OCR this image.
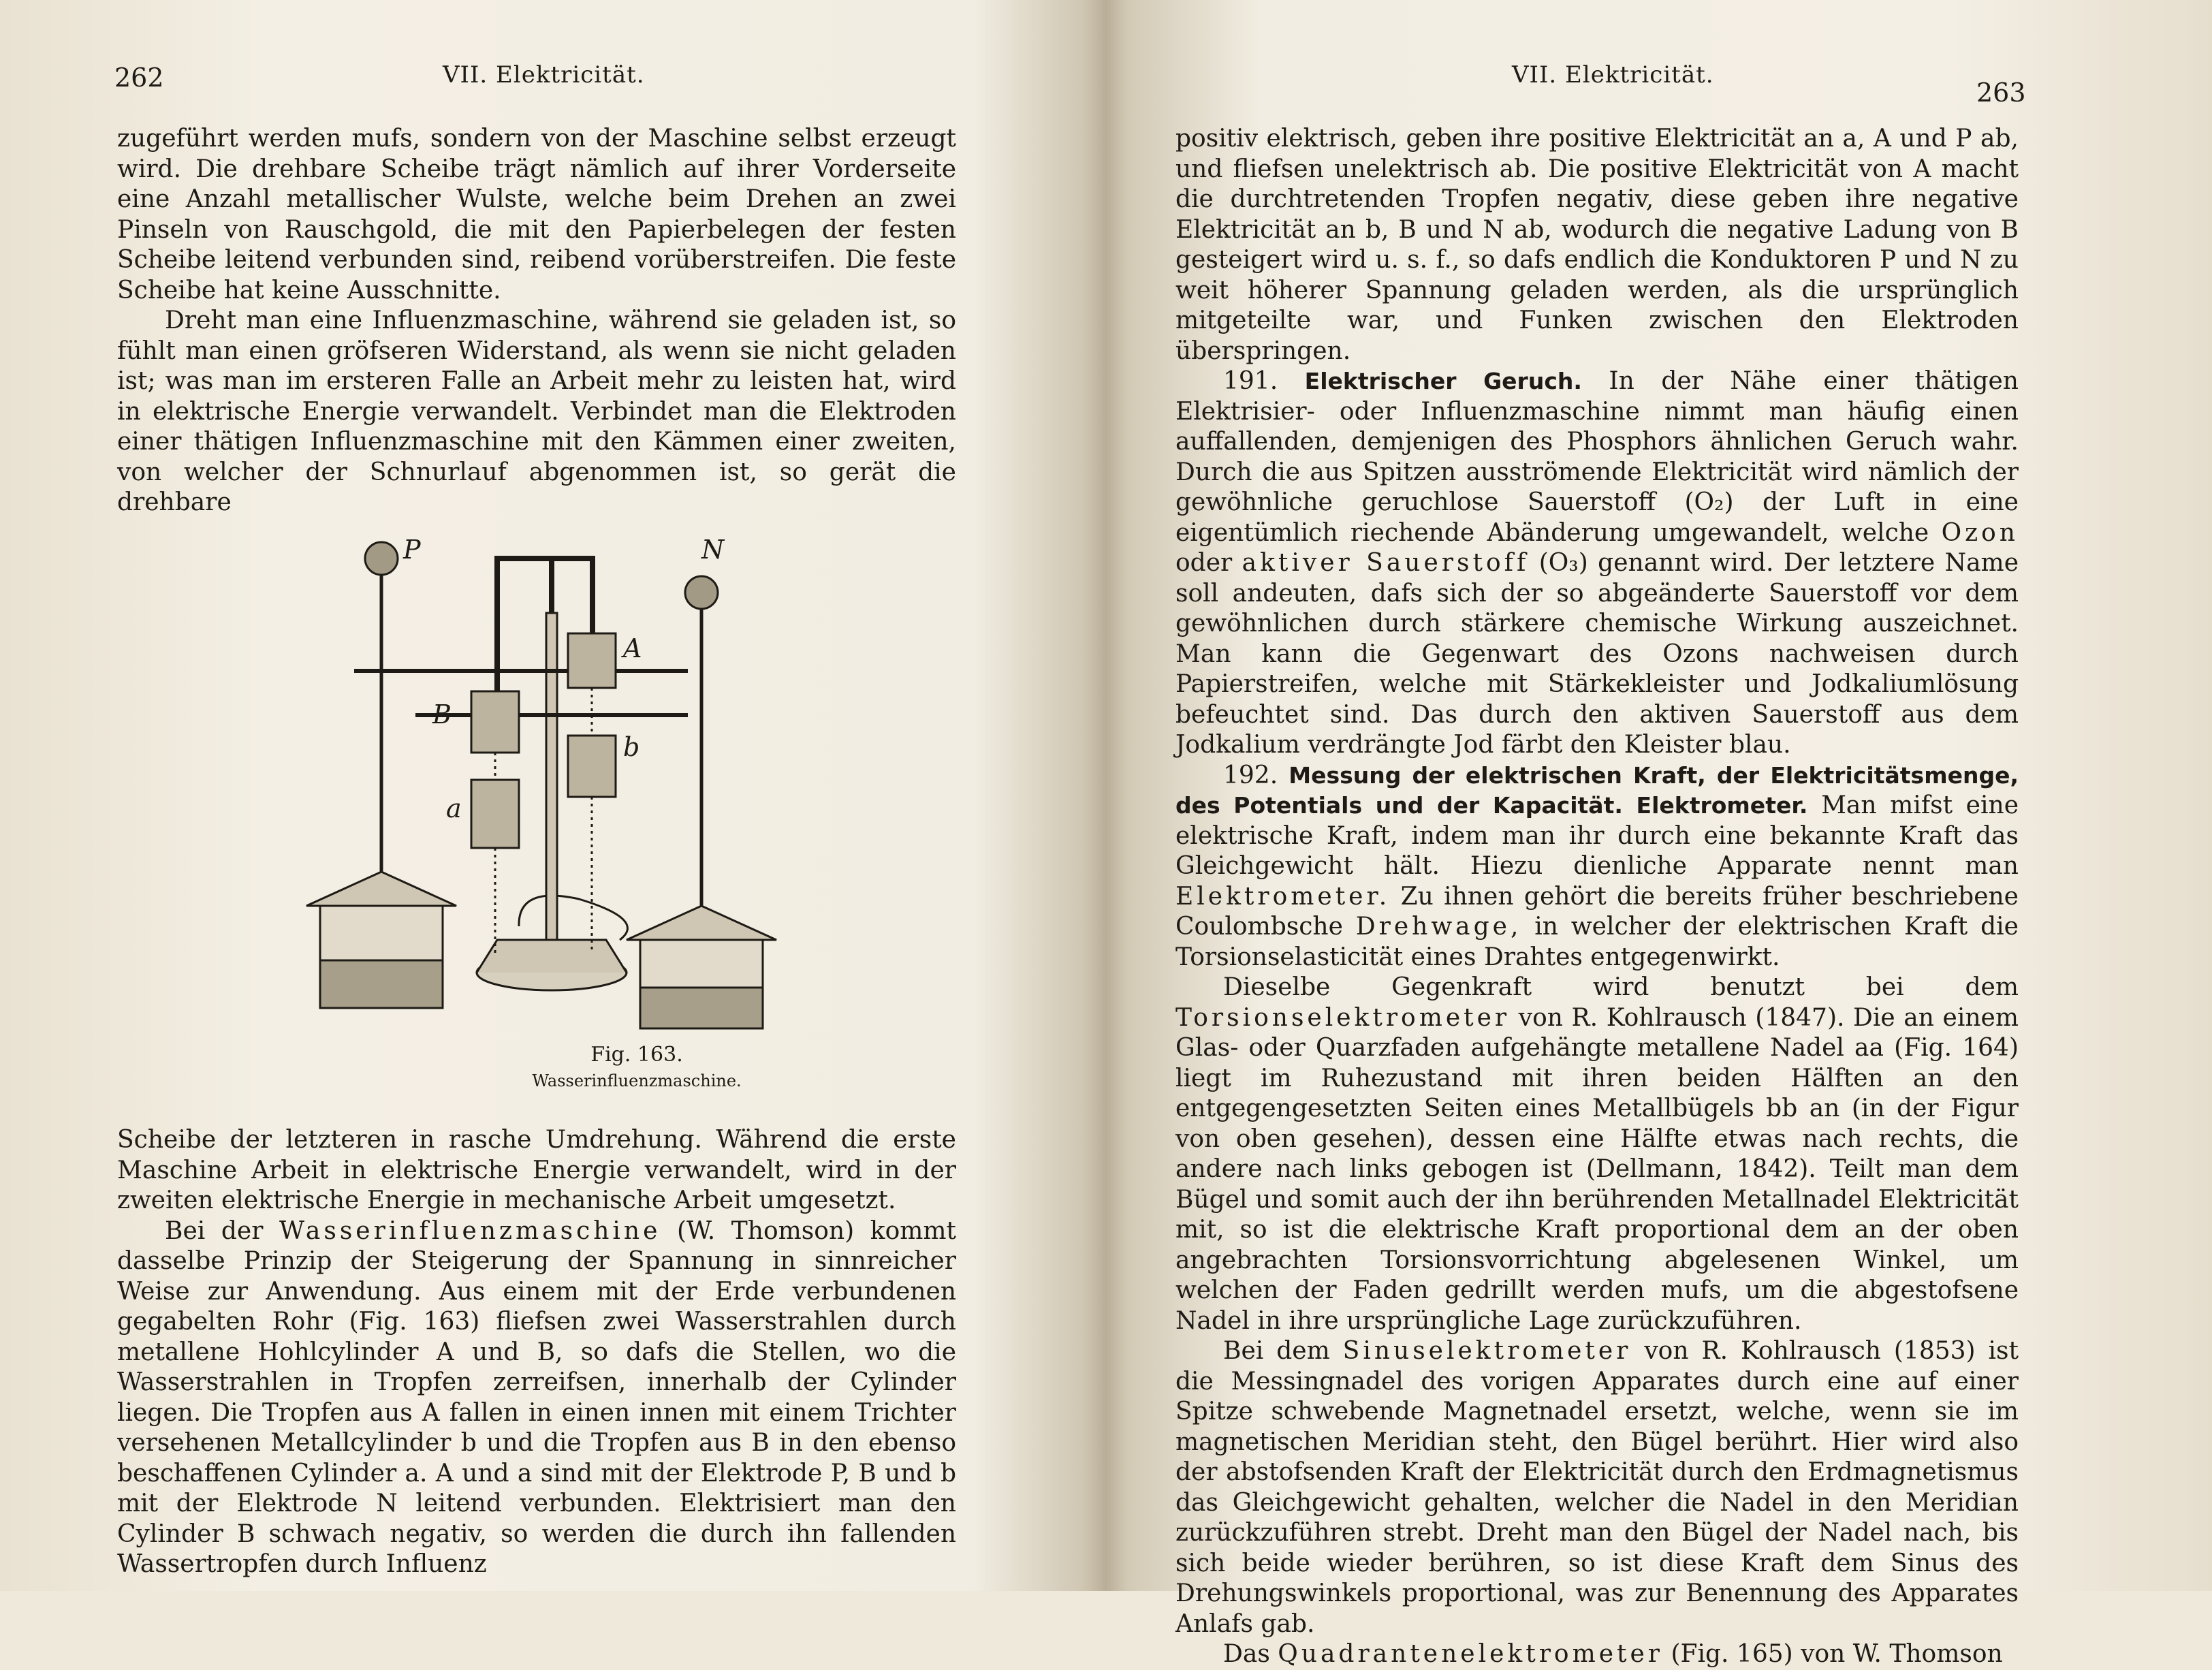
262	VII. Elektricität.

zugeführt werden mufs, sondern von der Maschine selbst erzeugt wird. Die drehbare Scheibe trägt nämlich auf ihrer Vorderseite eine Anzahl metallischer Wulste, welche beim Drehen an zwei Pinseln von Rauschgold, die mit den Papierbelegen der festen Scheibe leitend verbunden sind, reibend vorüberstreifen. Die feste Scheibe hat keine Ausschnitte.

Dreht man eine Influenzmaschine, während sie geladen ist, so fühlt man einen gröfseren Widerstand, als wenn sie nicht geladen ist; was man im ersteren Falle an Arbeit mehr zu leisten hat, wird in elektrische Energie verwandelt. Verbindet man die Elektroden einer thätigen Influenzmaschine mit den Kämmen einer zweiten, von welcher der Schnurlauf abgenommen ist, so gerät die drehbare

P	N
A
B
b
a
Fig. 163.
Wasserinfluenzmaschine.

Scheibe der letzteren in rasche Umdrehung. Während die erste Maschine Arbeit in elektrische Energie verwandelt, wird in der zweiten elektrische Energie in mechanische Arbeit umgesetzt.

Bei der Wasserinfluenzmaschine (W. Thomson) kommt dasselbe Prinzip der Steigerung der Spannung in sinnreicher Weise zur Anwendung. Aus einem mit der Erde verbundenen gegabelten Rohr (Fig. 163) fliefsen zwei Wasserstrahlen durch metallene Hohlcylinder A und B, so dafs die Stellen, wo die Wasserstrahlen in Tropfen zerreifsen, innerhalb der Cylinder liegen. Die Tropfen aus A fallen in einen innen mit einem Trichter versehenen Metallcylinder b und die Tropfen aus B in den ebenso beschaffenen Cylinder a. A und a sind mit der Elektrode P, B und b mit der Elektrode N leitend verbunden. Elektrisiert man den Cylinder B schwach negativ, so werden die durch ihn fallenden Wassertropfen durch Influenz

VII. Elektricität.
263

positiv elektrisch, geben ihre positive Elektricität an a, A und P ab, und fliefsen unelektrisch ab. Die positive Elektricität von A macht die durchtretenden Tropfen negativ, diese geben ihre negative Elektricität an b, B und N ab, wodurch die negative Ladung von B gesteigert wird u. s. f., so dafs endlich die Konduktoren P und N zu weit höherer Spannung geladen werden, als die ursprünglich mitgeteilte war, und Funken zwischen den Elektroden überspringen.

191. Elektrischer Geruch. In der Nähe einer thätigen Elektrisier- oder Influenzmaschine nimmt man häufig einen auffallenden, demjenigen des Phosphors ähnlichen Geruch wahr. Durch die aus Spitzen ausströmende Elektricität wird nämlich der gewöhnliche geruchlose Sauerstoff (O₂) der Luft in eine eigentümlich riechende Abänderung umgewandelt, welche Ozon oder aktiver Sauerstoff (O₃) genannt wird. Der letztere Name soll andeuten, dafs sich der so abgeänderte Sauerstoff vor dem gewöhnlichen durch stärkere chemische Wirkung auszeichnet. Man kann die Gegenwart des Ozons nachweisen durch Papierstreifen, welche mit Stärkekleister und Jodkaliumlösung befeuchtet sind. Das durch den aktiven Sauerstoff aus dem Jodkalium verdrängte Jod färbt den Kleister blau.

192. Messung der elektrischen Kraft, der Elektricitätsmenge, des Potentials und der Kapacität. Elektrometer. Man mifst eine elektrische Kraft, indem man ihr durch eine bekannte Kraft das Gleichgewicht hält. Hiezu dienliche Apparate nennt man Elektrometer. Zu ihnen gehört die bereits früher beschriebene Coulombsche Drehwage, in welcher der elektrischen Kraft die Torsionselasticität eines Drahtes entgegenwirkt.

Dieselbe Gegenkraft wird benutzt bei dem Torsionselektrometer von R. Kohlrausch (1847). Die an einem Glas- oder Quarzfaden aufgehängte metallene Nadel aa (Fig. 164) liegt im Ruhezustand mit ihren beiden Hälften an den entgegengesetzten Seiten eines Metallbügels bb an (in der Figur von oben gesehen), dessen eine Hälfte etwas nach rechts, die andere nach links gebogen ist (Dellmann, 1842). Teilt man dem Bügel und somit auch der ihn berührenden Metallnadel Elektricität mit, so ist die elektrische Kraft proportional dem an der oben angebrachten Torsionsvorrichtung abgelesenen Winkel, um welchen der Faden gedrillt werden mufs, um die abgestofsene Nadel in ihre ursprüngliche Lage zurückzuführen.

Bei dem Sinuselektrometer von R. Kohlrausch (1853) ist die Messingnadel des vorigen Apparates durch eine auf einer Spitze schwebende Magnetnadel ersetzt, welche, wenn sie im magnetischen Meridian steht, den Bügel berührt. Hier wird also der abstofsenden Kraft der Elektricität durch den Erdmagnetismus das Gleichgewicht gehalten, welcher die Nadel in den Meridian zurückzuführen strebt. Dreht man den Bügel der Nadel nach, bis sich beide wieder berühren, so ist diese Kraft dem Sinus des Drehungswinkels proportional, was zur Benennung des Apparates Anlafs gab.

Das Quadrantenelektrometer (Fig. 165) von W. Thomson
